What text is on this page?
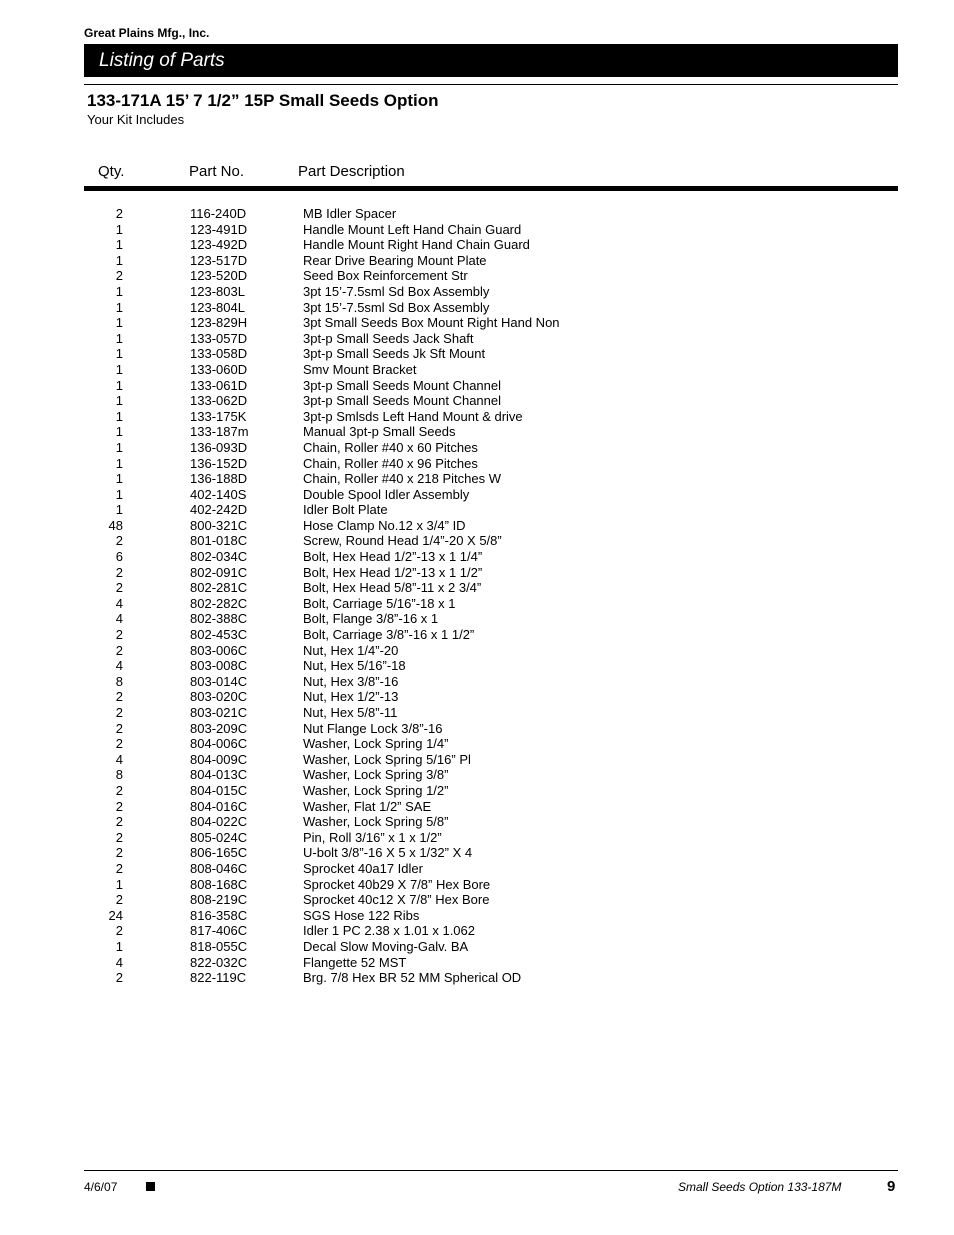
Great Plains Mfg., Inc.
Listing of Parts
133-171A 15’ 7 1/2” 15P Small Seeds Option
Your Kit Includes
Qty.	Part No.	Part Description
2	116-240D	MB Idler Spacer
1	123-491D	Handle Mount Left Hand Chain Guard
1	123-492D	Handle Mount Right Hand Chain Guard
1	123-517D	Rear Drive Bearing Mount Plate
2	123-520D	Seed Box Reinforcement Str
1	123-803L	3pt 15’-7.5sml Sd Box Assembly
1	123-804L	3pt 15’-7.5sml Sd Box Assembly
1	123-829H	3pt Small Seeds Box Mount Right Hand Non
1	133-057D	3pt-p Small Seeds Jack Shaft
1	133-058D	3pt-p Small Seeds Jk Sft Mount
1	133-060D	Smv Mount Bracket
1	133-061D	3pt-p Small Seeds Mount Channel
1	133-062D	3pt-p Small Seeds Mount Channel
1	133-175K	3pt-p Smlsds Left Hand Mount & drive
1	133-187m	Manual 3pt-p Small Seeds
1	136-093D	Chain, Roller #40 x 60 Pitches
1	136-152D	Chain, Roller #40 x 96 Pitches
1	136-188D	Chain, Roller #40 x 218 Pitches W
1	402-140S	Double Spool Idler Assembly
1	402-242D	Idler Bolt Plate
48	800-321C	Hose Clamp No.12 x 3/4” ID
2	801-018C	Screw, Round Head 1/4”-20 X 5/8”
6	802-034C	Bolt, Hex Head 1/2”-13 x 1 1/4”
2	802-091C	Bolt, Hex Head 1/2”-13 x 1 1/2”
2	802-281C	Bolt, Hex Head 5/8”-11 x 2 3/4”
4	802-282C	Bolt, Carriage 5/16”-18 x 1
4	802-388C	Bolt, Flange 3/8”-16 x 1
2	802-453C	Bolt, Carriage 3/8”-16 x 1 1/2”
2	803-006C	Nut, Hex 1/4”-20
4	803-008C	Nut, Hex 5/16”-18
8	803-014C	Nut, Hex 3/8”-16
2	803-020C	Nut, Hex 1/2”-13
2	803-021C	Nut, Hex 5/8”-11
2	803-209C	Nut Flange Lock 3/8”-16
2	804-006C	Washer, Lock Spring 1/4”
4	804-009C	Washer, Lock Spring 5/16” Pl
8	804-013C	Washer, Lock Spring 3/8”
2	804-015C	Washer, Lock Spring 1/2”
2	804-016C	Washer, Flat 1/2” SAE
2	804-022C	Washer, Lock Spring 5/8”
2	805-024C	Pin, Roll 3/16” x 1 x 1/2”
2	806-165C	U-bolt 3/8”-16 X 5 x 1/32” X 4
2	808-046C	Sprocket 40a17 Idler
1	808-168C	Sprocket 40b29 X 7/8” Hex Bore
2	808-219C	Sprocket 40c12 X 7/8” Hex Bore
24	816-358C	SGS Hose 122 Ribs
2	817-406C	Idler 1 PC 2.38 x 1.01 x 1.062
1	818-055C	Decal Slow Moving-Galv. BA
4	822-032C	Flangette 52 MST
2	822-119C	Brg. 7/8 Hex BR 52 MM Spherical OD
4/6/07	Small Seeds Option 133-187M	9
